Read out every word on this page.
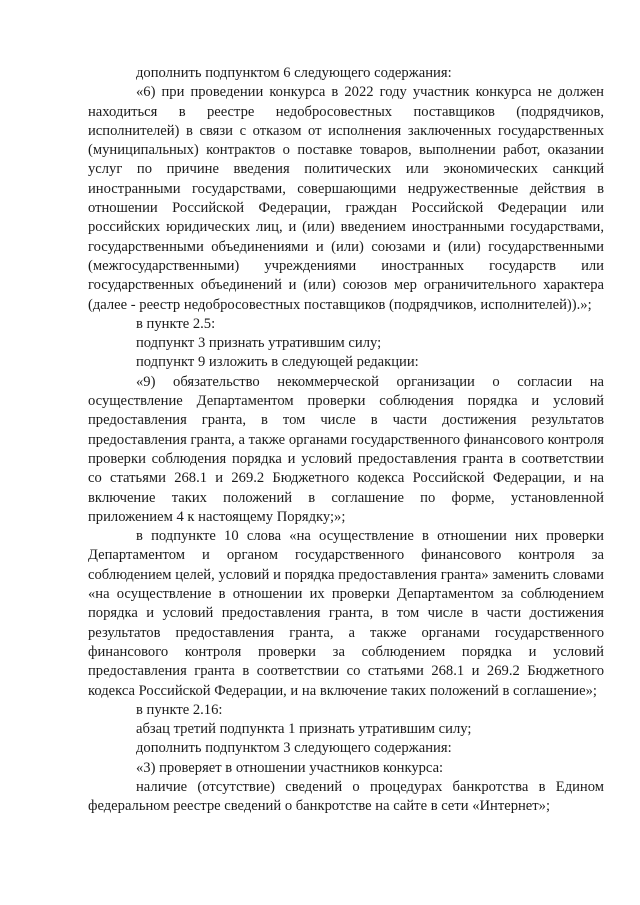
дополнить подпунктом 6 следующего содержания:

«6) при проведении конкурса в 2022 году участник конкурса не должен находиться в реестре недобросовестных поставщиков (подрядчиков, исполнителей) в связи с отказом от исполнения заключенных государственных (муниципальных) контрактов о поставке товаров, выполнении работ, оказании услуг по причине введения политических или экономических санкций иностранными государствами, совершающими недружественные действия в отношении Российской Федерации, граждан Российской Федерации или российских юридических лиц, и (или) введением иностранными государствами, государственными объединениями и (или) союзами и (или) государственными (межгосударственными) учреждениями иностранных государств или государственных объединений и (или) союзов мер ограничительного характера (далее - реестр недобросовестных поставщиков (подрядчиков, исполнителей)).»;

в пункте 2.5:

подпункт 3 признать утратившим силу;

подпункт 9 изложить в следующей редакции:

«9) обязательство некоммерческой организации о согласии на осуществление Департаментом проверки соблюдения порядка и условий предоставления гранта, в том числе в части достижения результатов предоставления гранта, а также органами государственного финансового контроля проверки соблюдения порядка и условий предоставления гранта в соответствии со статьями 268.1 и 269.2 Бюджетного кодекса Российской Федерации, и на включение таких положений в соглашение по форме, установленной приложением 4 к настоящему Порядку;»;

в подпункте 10 слова «на осуществление в отношении них проверки Департаментом и органом государственного финансового контроля за соблюдением целей, условий и порядка предоставления гранта» заменить словами «на осуществление в отношении их проверки Департаментом за соблюдением порядка и условий предоставления гранта, в том числе в части достижения результатов предоставления гранта, а также органами государственного финансового контроля проверки за соблюдением порядка и условий предоставления гранта в соответствии со статьями 268.1 и 269.2 Бюджетного кодекса Российской Федерации, и на включение таких положений в соглашение»;

в пункте 2.16:

абзац третий подпункта 1 признать утратившим силу;

дополнить подпунктом 3 следующего содержания:

«3) проверяет в отношении участников конкурса:

наличие (отсутствие) сведений о процедурах банкротства в Едином федеральном реестре сведений о банкротстве на сайте в сети «Интернет»;
